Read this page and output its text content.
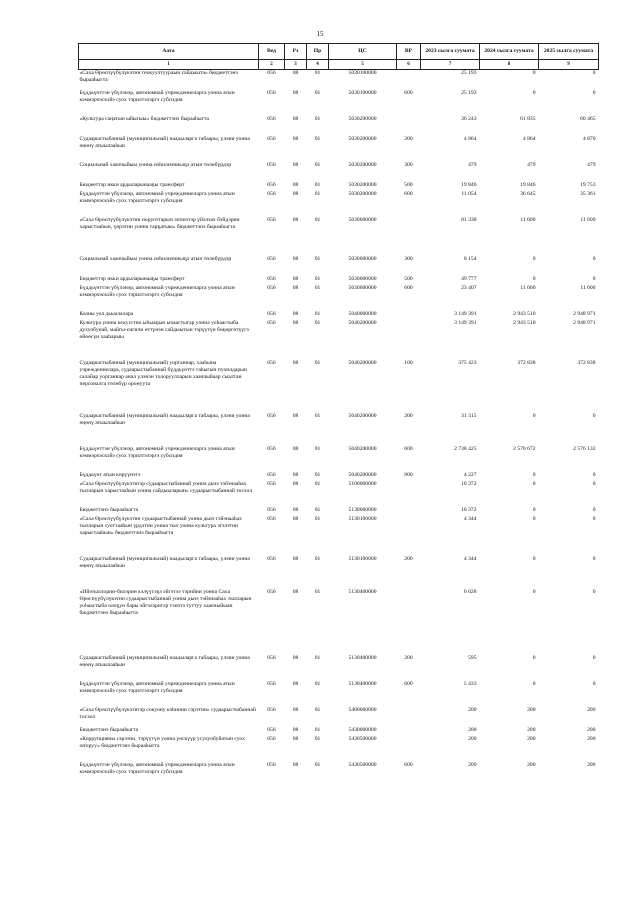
15
Аата	Вед	Рз	Пр	ЦС	ВР	2023 сылга суумата	2024 сылга суумата	2025 сылга суумата
1	2	3	4	5	6	7	8	9
«Саха Өрөспүүбүлүкэтин геокуултуураын сайдыыта» бюджеттэнэ бырааһыгта	056	08	01	5030100000		25 193	0	0
Бүддьүөттэн үбүлэнэр, автономнай учреждениеларга уонна атын кэммэрчэскэйэ суох тэрилтэлэргэ субсидия	056	08	01	5030100000	600	25 193	0	0
«Культура саңатын ыйыгыы» бюджеттэнэ бырааһыгта	056	08	01	5030200000		36 243	61 835	60 465
Судаарыстыбаннай (муниципальнай) наадыларга табаары, үлэни уонна өңөнү атыылааһын	056	08	01	5030200000	200	4 864	4 864	4 870
Социальнай хааччыйыы уонна нэһилиэнньэҕэ атын төлөбүрдэр	056	08	01	5030200000	300	479	479	479
Бюджеттэр икки ардыларынааҕы трансферт	056	08	01	5030200000	500	19 846	19 846	19 753
Бүддьүөттэн үбүлэнэр, автономнай учреждениеларга уонна атын кэммэрчэскэйэ суох тэрилтэлэргэ субсидия	056	08	01	5030200000	600	11 054	36 645	35 361
«Саха Өрөспүүбүлүкэтин норуоттарын эппиэтэр үйэлэах бэйдэрин харыстааһын, үөрэтии уонна тарҕатыы» бюджеттэнэ бырааһыгта	056	08	01	5030600000		81 338	11 600	11 600
Социальнай хааччыйыы уонна нэһилиэнньэҕэ атын төлөбүрдэр	056	08	01	5030600000	300	8 154	0	0
Бюджеттэр икки ардыларынааҕы трансферт	056	08	01	5030600000	500	49 777	0	0
Бүддьүөттэн үбүлэнэр, автономнай учреждениеларга уонна атын кэммэрчэскэйэ суох тэрилтэлэргэ субсидия	056	08	01	5030600000	600	23 407	11 600	11 600
Казны уол дьыалалара	056	08	01	5040000000		3 149 391	2 943 510	2 948 971
Культура уонна искусство ыһыаҕын ычаастыгар уонна уоһаастыба духуобунай, майгы-сигили өттүнэн сайдыытын тэрүүтүн бөҕөргөтүүгэ өйөөсүн хааһарыы	056	08	01	5040200000		3 149 391	2 943 510	2 948 971
Судаарыстыбаннай (муниципальнай) уорганнар, хааһына учреждениелара, судаарыстыбаннай бүддьүөттэ таһыгын пуонлдарын салайар уорганнар анал үлэнэн толоруулларын хааччыйаар сыалтан персоналга төлөбүр оронуута	056	08	01	5040200000	100	375 423	372 838	372 838
Судаарыстыбаннай (муниципальнай) наадыларга табаары, үлэни уонна өңөнү атыылааһын	056	08	01	5040200000	200	31 315	0	0
Бүддьүөттэн үбүлэнэр, автономнай учреждениеларга уонна атын кэммэрчэскэйэ суох тэрилтэлэргэ субсидия	056	08	01	5040200000	600	2 738 425	2 570 672	2 576 132
Бүддьүөт атын көрүүнэтэ	056	08	01	5040200000	800	4 227	0	0
«Саха Өрөспүүбүлүкэтигэр судаарыстыбаннай уонна дьиэ тэйэнааһах тылларын харыстааһын уонна сайдыыларын» судаарыстыбаннай тосхол	056	08	01	5100000000		10 372	0	0
Бюджеттэнэ бырааһыгта	056	08	01	5130000000		10 372	0	0
«Саха Өрөспүүбүлүкэтин судаарыстыбаннай уонна дьиэ тэйэнааһах тылларын суоттааһын үрдэтии уонна тыл уонна культура эгэлэтин харыстааһын» бюджеттэнэ бырааһыгта	056	08	01	5130100000		4 344	0	0
Судаарыстыбаннай (муниципальнай) наадыларга табаары, үлэни уонна өңөнү атыылааһын	056	08	01	5130100000	200	4 344	0	0
«Ийэтыллорин-билэрин кэлүүтэҕэ эйгэтээ тэрийии уонна Саха Өрөспүүбүлүкэтин судаарыстыбаннай уонна дьиэ тэйэнааһах тылларын уоһаастыба олоҕун бары эйгэлэригэр тэнэтэ туттуу хааччыйыан бюджеттэнэ бырааһыгта	056	08	01	5130400000		6 028	0	0
Судаарыстыбаннай (муниципальнай) наадыларга табаары, үлэни уонна өңөнү атыылааһын	056	08	01	5130400000	200	595	0	0
Бүддьүөттэн үбүлэнэр, автономнай учреждениеларга уонна атын кэммэрчэскэйэ суох тэрилтэлэргэ субсидия	056	08	01	5130400000	600	5 433	0	0
«Саха Өрөспүүбүлүкэтигэр сокуону кэһиини сэрэтии» судаарыстыбаннай тосхол	056	08	01	5400000000		200	200	200
Бюджеттэнэ бырааһыгта	056	08	01	5430000000		200	200	200
«Коррупцияны сэрэтии, тэрүүтүн уонна үөскүүр усулуобуйатын суох оҥоруу» бюджеттэнэ бырааһыгта	056	08	01	5430500000		200	200	200
Бүддьүөттэн үбүлэнэр, автономнай учреждениеларга уонна атын кэммэрчэскэйэ суох тэрилтэлэргэ субсидия	056	08	01	5430500000	600	200	200	200
